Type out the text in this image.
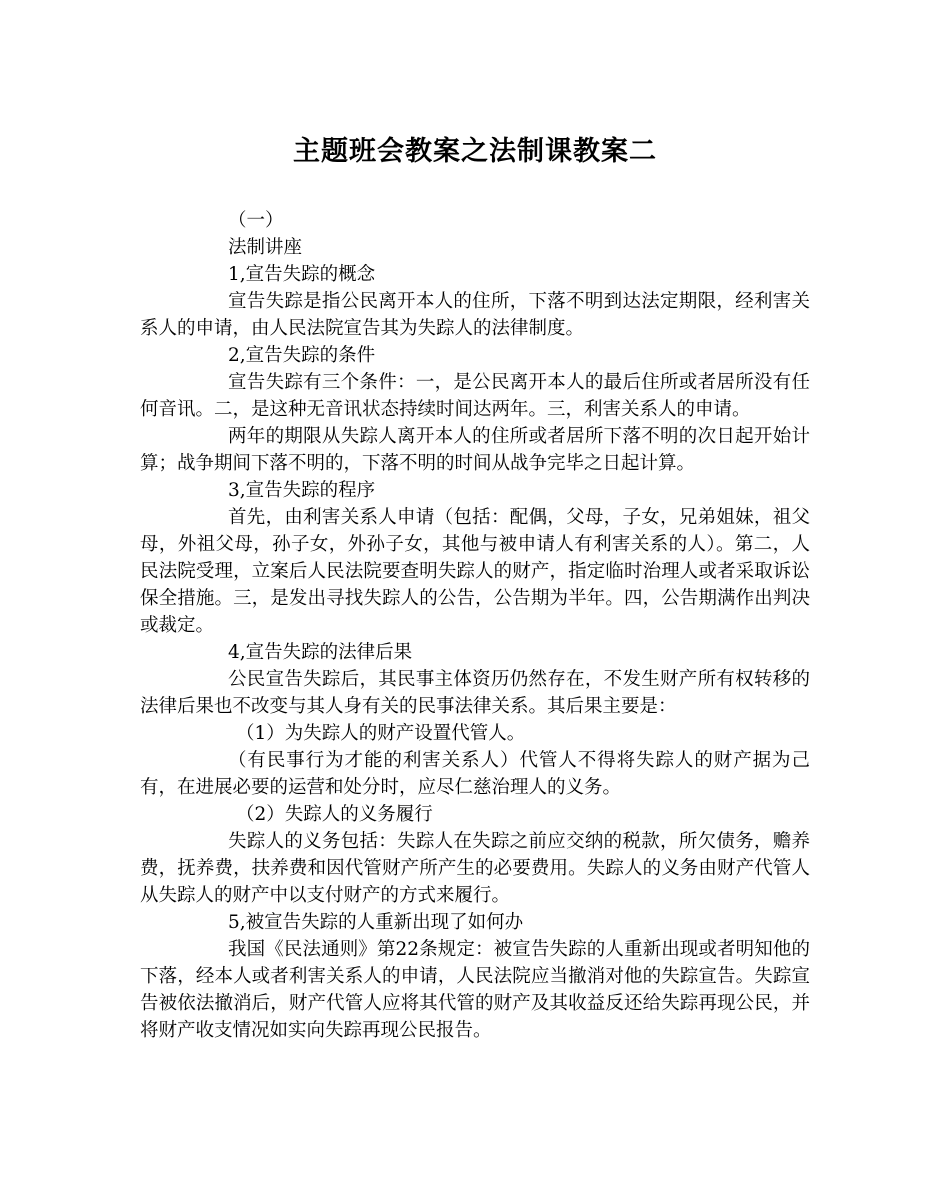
主题班会教案之法制课教案二

（一）

法制讲座

1,宣告失踪的概念

宣告失踪是指公民离开本人的住所，下落不明到达法定期限，经利害关系人的申请，由人民法院宣告其为失踪人的法律制度。

2,宣告失踪的条件

宣告失踪有三个条件：一，是公民离开本人的最后住所或者居所没有任何音讯。二，是这种无音讯状态持续时间达两年。三，利害关系人的申请。

两年的期限从失踪人离开本人的住所或者居所下落不明的次日起开始计算；战争期间下落不明的，下落不明的时间从战争完毕之日起计算。

3,宣告失踪的程序

首先，由利害关系人申请（包括：配偶，父母，子女，兄弟姐妹，祖父母，外祖父母，孙子女，外孙子女，其他与被申请人有利害关系的人）。第二，人民法院受理，立案后人民法院要查明失踪人的财产，指定临时治理人或者采取诉讼保全措施。三，是发出寻找失踪人的公告，公告期为半年。四，公告期满作出判决或裁定。

4,宣告失踪的法律后果

公民宣告失踪后，其民事主体资历仍然存在，不发生财产所有权转移的法律后果也不改变与其人身有关的民事法律关系。其后果主要是：

（1）为失踪人的财产设置代管人。

（有民事行为才能的利害关系人）代管人不得将失踪人的财产据为己有，在进展必要的运营和处分时，应尽仁慈治理人的义务。

（2）失踪人的义务履行

失踪人的义务包括：失踪人在失踪之前应交纳的税款，所欠债务，赡养费，抚养费，扶养费和因代管财产所产生的必要费用。失踪人的义务由财产代管人从失踪人的财产中以支付财产的方式来履行。

5,被宣告失踪的人重新出现了如何办

我国《民法通则》第22条规定：被宣告失踪的人重新出现或者明知他的下落，经本人或者利害关系人的申请，人民法院应当撤消对他的失踪宣告。失踪宣告被依法撤消后，财产代管人应将其代管的财产及其收益反还给失踪再现公民，并将财产收支情况如实向失踪再现公民报告。
